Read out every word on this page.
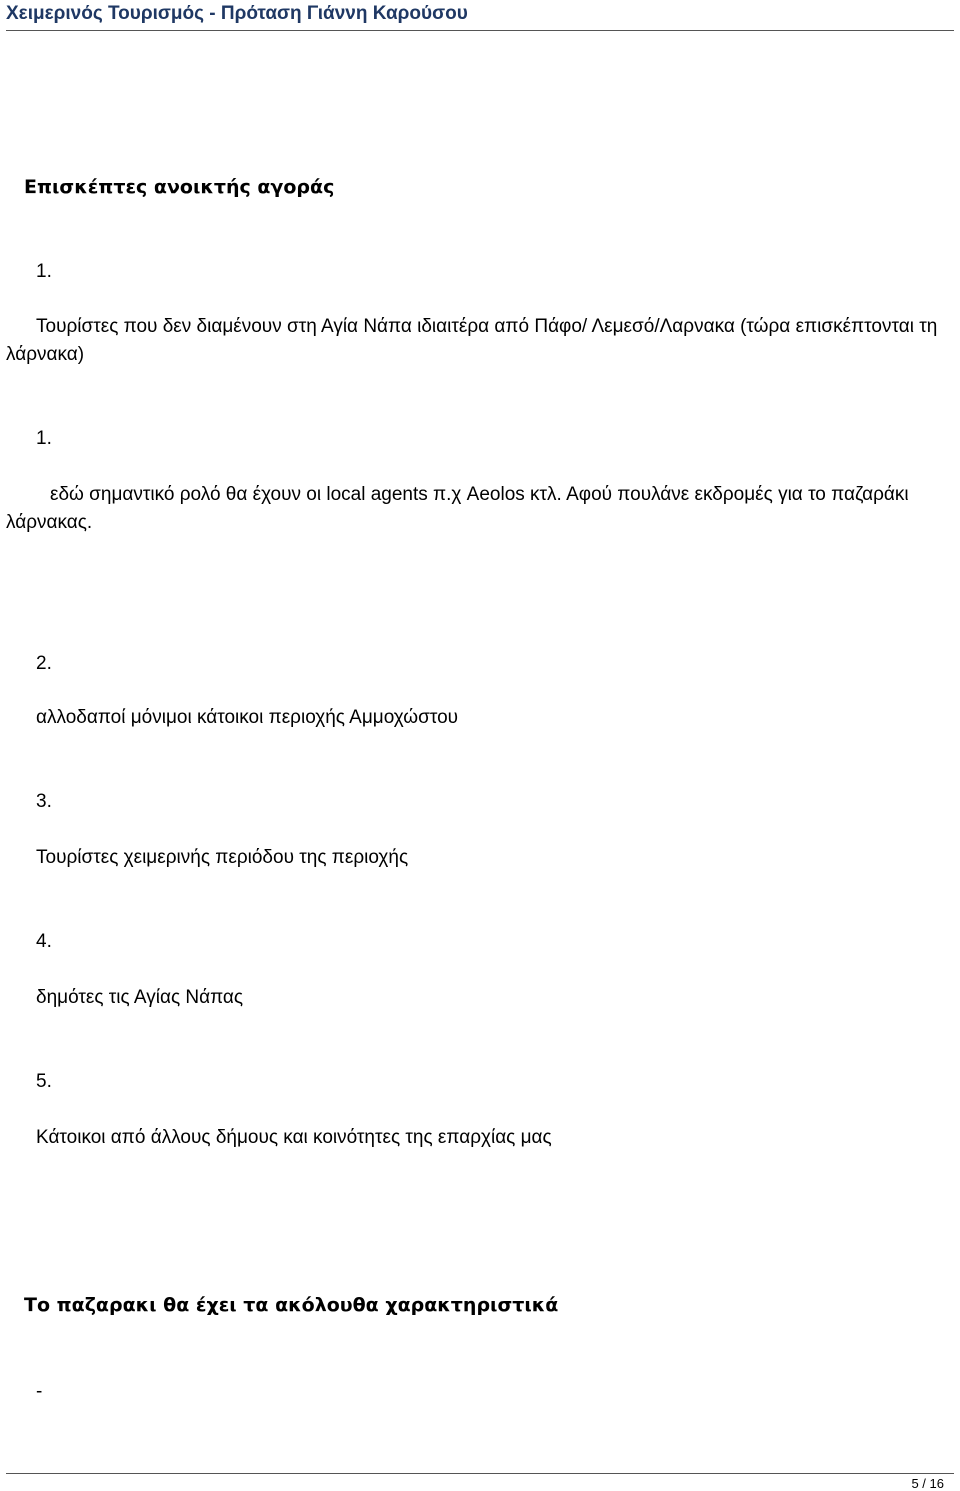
Χειμερινός Τουρισμός - Πρόταση Γιάννη Καρούσου
Επισκέπτες ανοικτής αγοράς
1.
Τουρίστες που δεν διαμένουν στη Αγία Νάπα ιδιαιτέρα από Πάφο/ Λεμεσό/Λαρνακα (τώρα επισκέπτονται τη λάρνακα)
1.
εδώ σημαντικό ρολό θα έχουν οι local agents π.χ Aeolos κτλ. Αφού πουλάνε εκδρομές για το παζαράκι λάρνακας.
2.
αλλοδαποί μόνιμοι κάτοικοι περιοχής Αμμοχώστου
3.
Τουρίστες χειμερινής περιόδου της περιοχής
4.
δημότες τις Αγίας Νάπας
5.
Κάτοικοι από άλλους δήμους και κοινότητες της επαρχίας μας
Το παζαρακι θα έχει τα ακόλουθα χαρακτηριστικά
-
5 / 16
